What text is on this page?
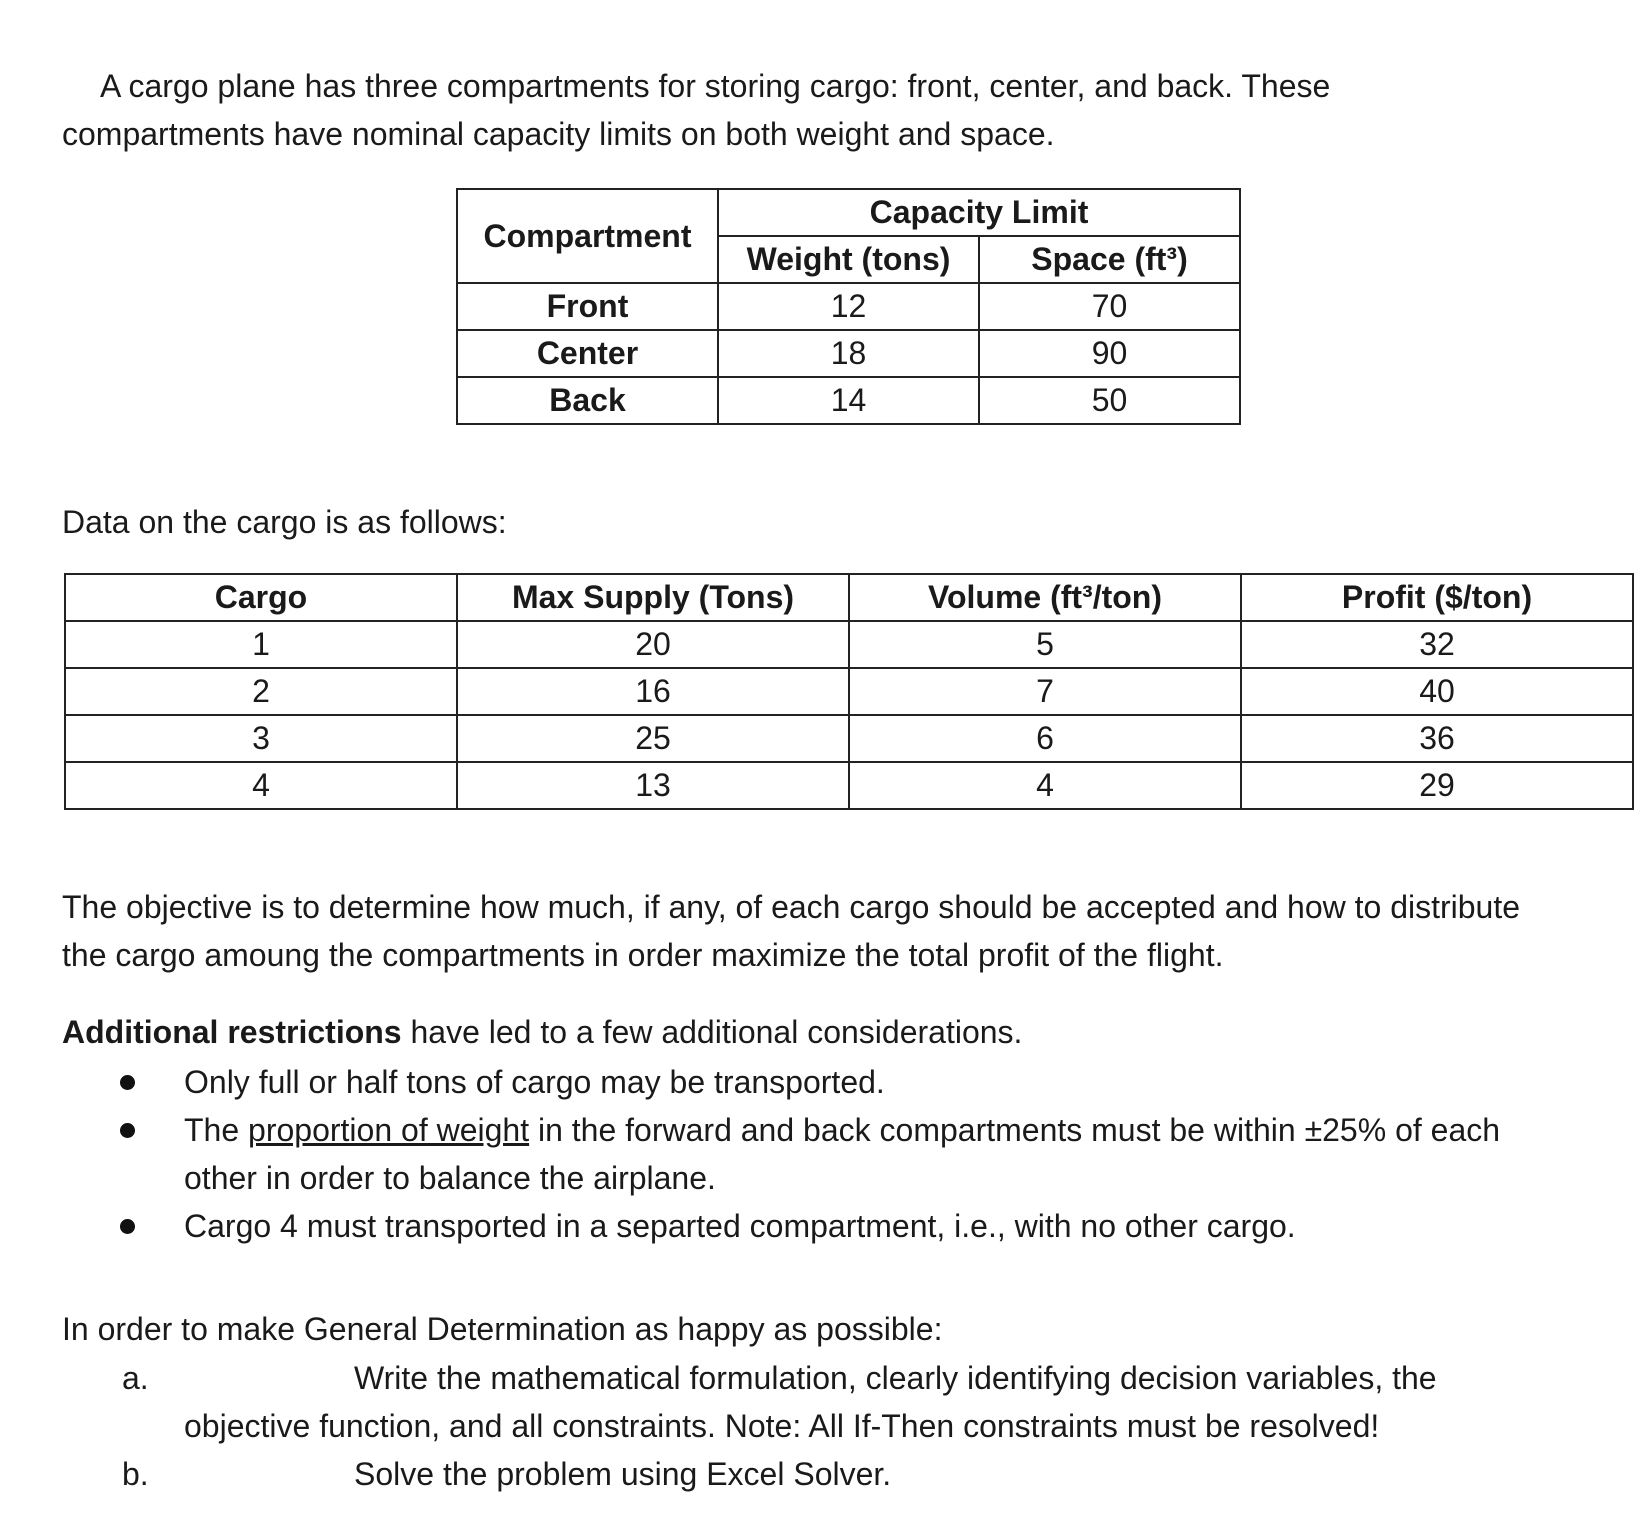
A cargo plane has three compartments for storing cargo: front, center, and back. These
compartments have nominal capacity limits on both weight and space.

Compartment	Capacity Limit	
	Weight (tons)	Space (ft³)
Front	12	70
Center	18	90
Back	14	50

Data on the cargo is as follows:

Cargo	Max Supply (Tons)	Volume (ft³/ton)	Profit ($/ton)
1	20	5	32
2	16	7	40
3	25	6	36
4	13	4	29

The objective is to determine how much, if any, of each cargo should be accepted and how to distribute
the cargo amoung the compartments in order maximize the total profit of the flight.

Additional restrictions have led to a few additional considerations.

Only full or half tons of cargo may be transported.
The proportion of weight in the forward and back compartments must be within ±25% of each
other in order to balance the airplane.
Cargo 4 must transported in a separted compartment, i.e., with no other cargo.

In order to make General Determination as happy as possible:

a.	Write the mathematical formulation, clearly identifying decision variables, the
objective function, and all constraints. Note: All If-Then constraints must be resolved!
b.	Solve the problem using Excel Solver.
